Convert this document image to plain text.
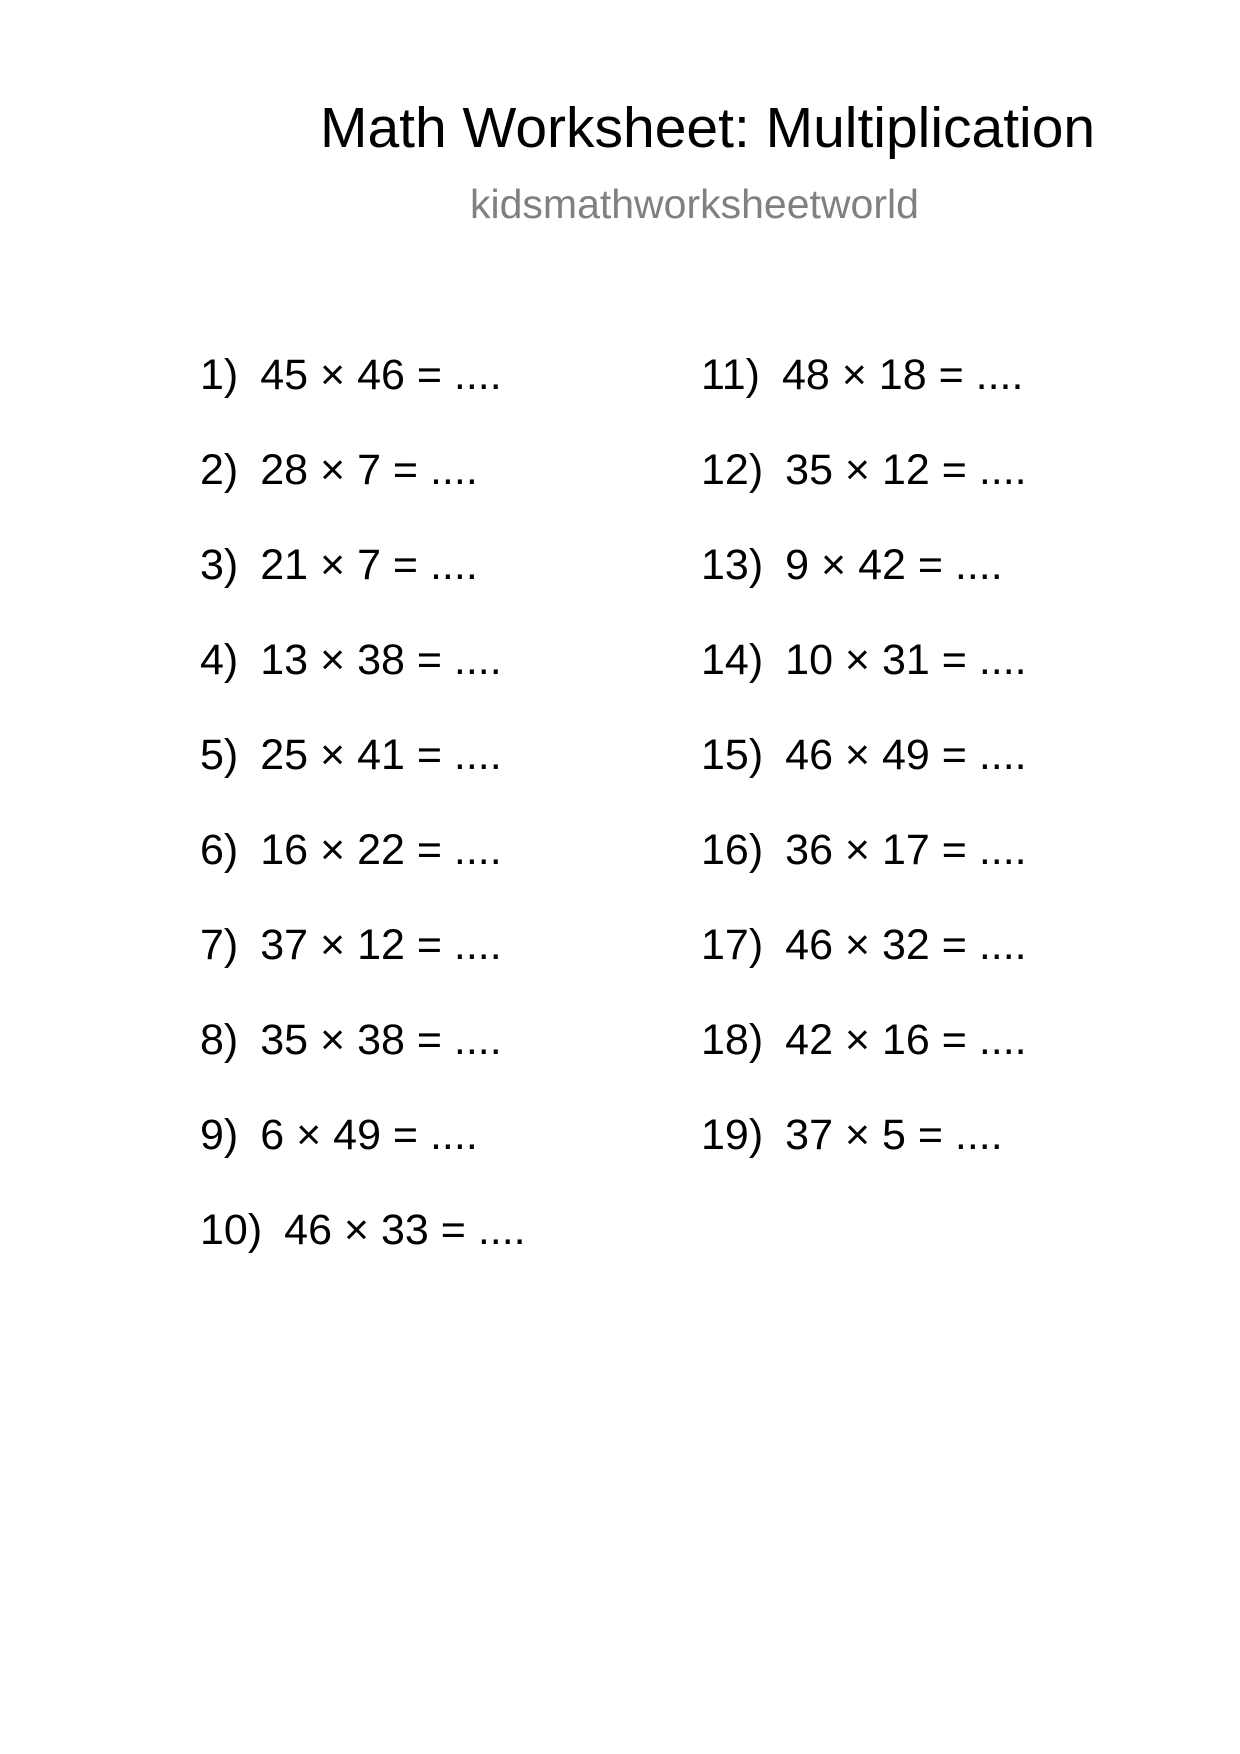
Math Worksheet: Multiplication
kidsmathworksheetworld
1) 45 × 46 = ....
2) 28 × 7 = ....
3) 21 × 7 = ....
4) 13 × 38 = ....
5) 25 × 41 = ....
6) 16 × 22 = ....
7) 37 × 12 = ....
8) 35 × 38 = ....
9) 6 × 49 = ....
10) 46 × 33 = ....
11) 48 × 18 = ....
12) 35 × 12 = ....
13) 9 × 42 = ....
14) 10 × 31 = ....
15) 46 × 49 = ....
16) 36 × 17 = ....
17) 46 × 32 = ....
18) 42 × 16 = ....
19) 37 × 5 = ....
